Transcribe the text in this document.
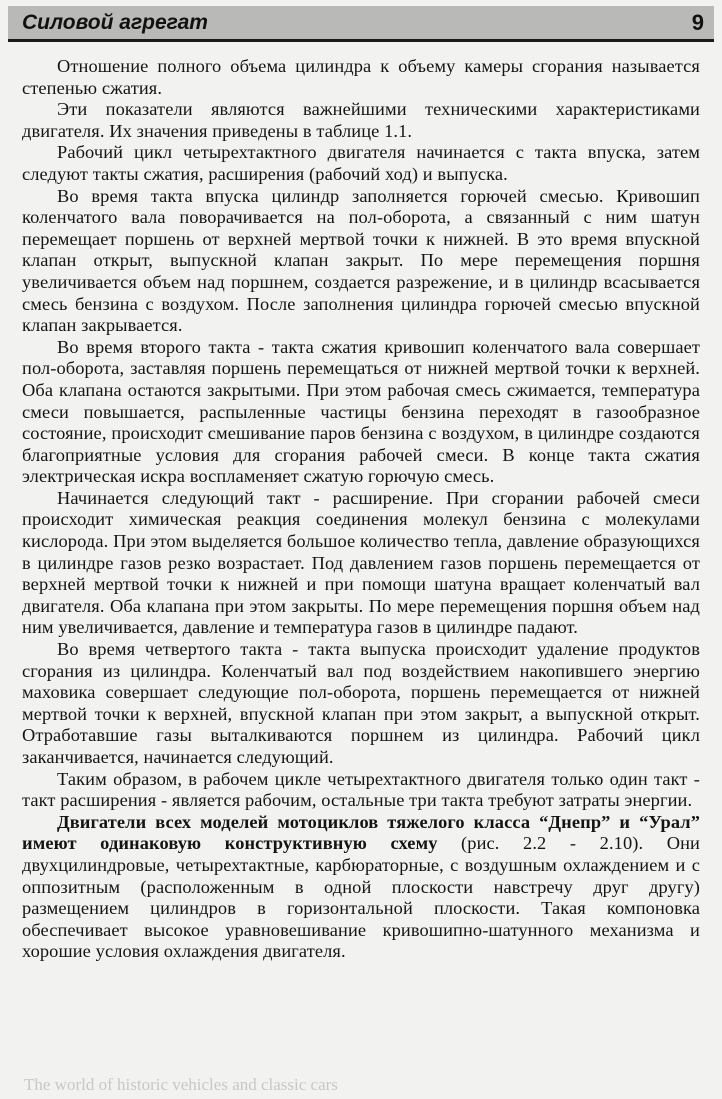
Силовой агрегат	9

Отношение полного объема цилиндра к объему камеры сгорания называется степенью сжатия.

Эти показатели являются важнейшими техническими характеристиками двигателя. Их значения приведены в таблице 1.1.

Рабочий цикл четырехтактного двигателя начинается с такта впуска, затем следуют такты сжатия, расширения (рабочий ход) и выпуска.

Во время такта впуска цилиндр заполняется горючей смесью. Кривошип коленчатого вала поворачивается на пол-оборота, а связанный с ним шатун перемещает поршень от верхней мертвой точки к нижней. В это время впускной клапан открыт, выпускной клапан закрыт. По мере перемещения поршня увеличивается объем над поршнем, создается разрежение, и в цилиндр всасывается смесь бензина с воздухом. После заполнения цилиндра горючей смесью впускной клапан закрывается.

Во время второго такта - такта сжатия кривошип коленчатого вала совершает пол-оборота, заставляя поршень перемещаться от нижней мертвой точки к верхней. Оба клапана остаются закрытыми. При этом рабочая смесь сжимается, температура смеси повышается, распыленные частицы бензина переходят в газообразное состояние, происходит смешивание паров бензина с воздухом, в цилиндре создаются благоприятные условия для сгорания рабочей смеси. В конце такта сжатия электрическая искра воспламеняет сжатую горючую смесь.

Начинается следующий такт - расширение. При сгорании рабочей смеси происходит химическая реакция соединения молекул бензина с молекулами кислорода. При этом выделяется большое количество тепла, давление образующихся в цилиндре газов резко возрастает. Под давлением газов поршень перемещается от верхней мертвой точки к нижней и при помощи шатуна вращает коленчатый вал двигателя. Оба клапана при этом закрыты. По мере перемещения поршня объем над ним увеличивается, давление и температура газов в цилиндре падают.

Во время четвертого такта - такта выпуска происходит удаление продуктов сгорания из цилиндра. Коленчатый вал под воздействием накопившего энергию маховика совершает следующие пол-оборота, поршень перемещается от нижней мертвой точки к верхней, впускной клапан при этом закрыт, а выпускной открыт. Отработавшие газы выталкиваются поршнем из цилиндра. Рабочий цикл заканчивается, начинается следующий.

Таким образом, в рабочем цикле четырехтактного двигателя только один такт - такт расширения - является рабочим, остальные три такта требуют затраты энергии.

Двигатели всех моделей мотоциклов тяжелого класса “Днепр” и “Урал” имеют одинаковую конструктивную схему (рис. 2.2 - 2.10). Они двухцилиндровые, четырехтактные, карбюраторные, с воздушным охлаждением и с оппозитным (расположенным в одной плоскости навстречу друг другу) размещением цилиндров в горизонтальной плоскости. Такая компоновка обеспечивает высокое уравновешивание кривошипно-шатунного механизма и хорошие условия охлаждения двигателя.

The world of historic vehicles and classic cars
